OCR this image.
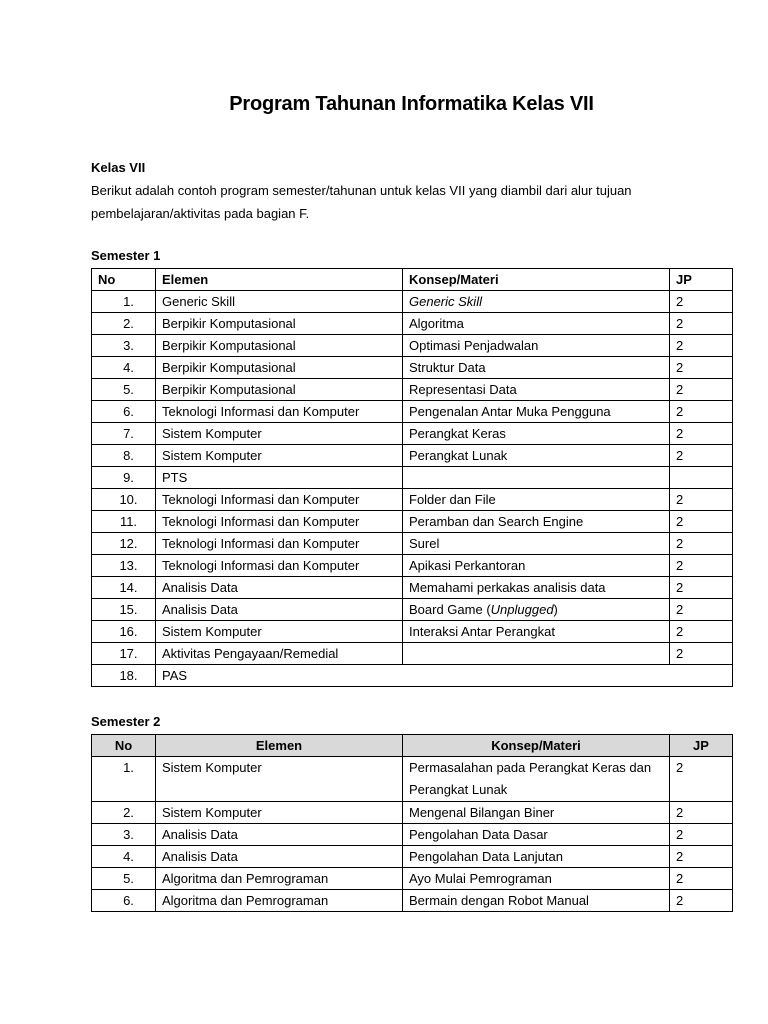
Program Tahunan Informatika Kelas VII
Kelas VII
Berikut adalah contoh program semester/tahunan untuk kelas VII yang diambil dari alur tujuan pembelajaran/aktivitas pada bagian F.
Semester 1
No	Elemen	Konsep/Materi	JP
1.	Generic Skill	Generic Skill	2
2.	Berpikir Komputasional	Algoritma	2
3.	Berpikir Komputasional	Optimasi Penjadwalan	2
4.	Berpikir Komputasional	Struktur Data	2
5.	Berpikir Komputasional	Representasi Data	2
6.	Teknologi Informasi dan Komputer	Pengenalan Antar Muka Pengguna	2
7.	Sistem Komputer	Perangkat Keras	2
8.	Sistem Komputer	Perangkat Lunak	2
9.	PTS		
10.	Teknologi Informasi dan Komputer	Folder dan File	2
11.	Teknologi Informasi dan Komputer	Peramban dan Search Engine	2
12.	Teknologi Informasi dan Komputer	Surel	2
13.	Teknologi Informasi dan Komputer	Apikasi Perkantoran	2
14.	Analisis Data	Memahami perkakas analisis data	2
15.	Analisis Data	Board Game (Unplugged)	2
16.	Sistem Komputer	Interaksi Antar Perangkat	2
17.	Aktivitas Pengayaan/Remedial		2
18.	PAS		
Semester 2
No	Elemen	Konsep/Materi	JP
1.	Sistem Komputer	Permasalahan pada Perangkat Keras dan Perangkat Lunak	2
2.	Sistem Komputer	Mengenal Bilangan Biner	2
3.	Analisis Data	Pengolahan Data Dasar	2
4.	Analisis Data	Pengolahan Data Lanjutan	2
5.	Algoritma dan Pemrograman	Ayo Mulai Pemrograman	2
6.	Algoritma dan Pemrograman	Bermain dengan Robot Manual	2
